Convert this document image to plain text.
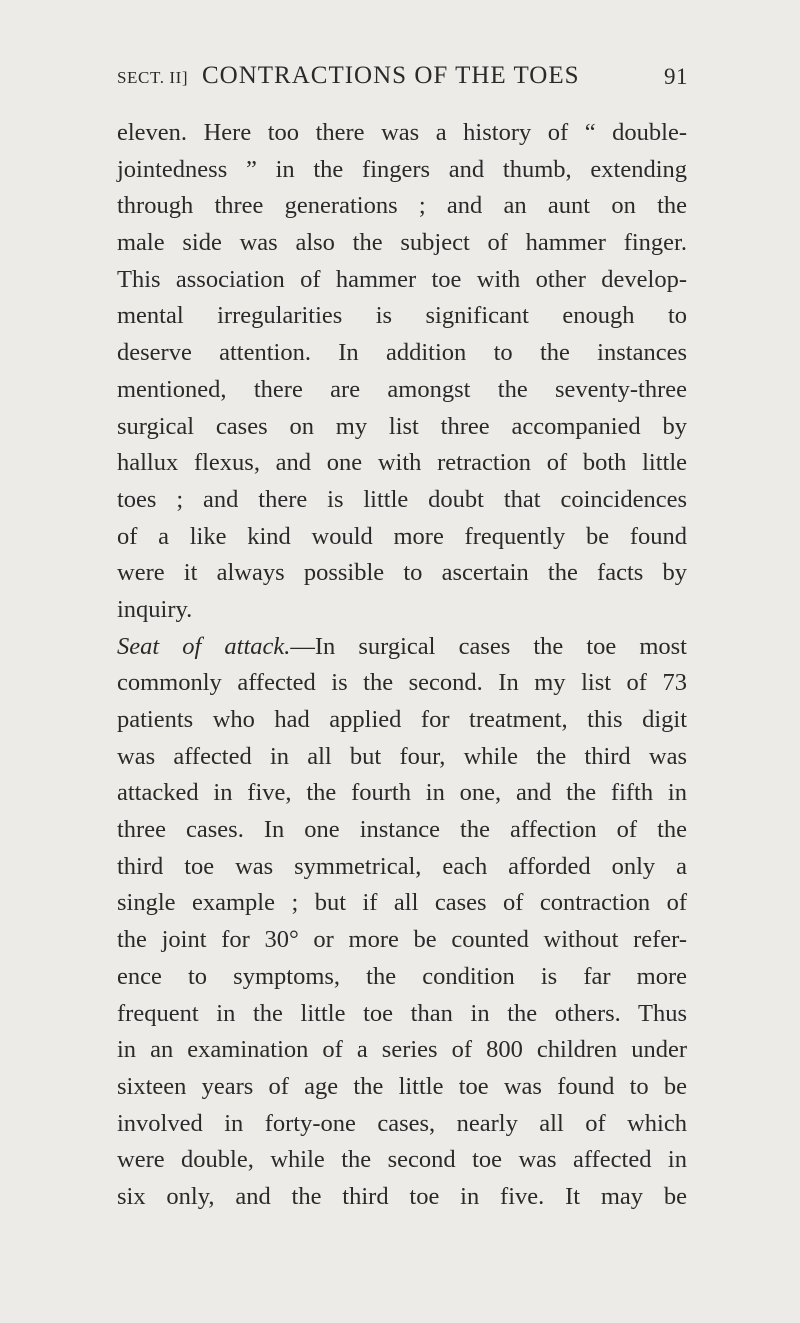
SECT. II] CONTRACTIONS OF THE TOES	91
eleven. Here too there was a history of “ double-
jointedness ” in the fingers and thumb, extending
through three generations ; and an aunt on the
male side was also the subject of hammer finger.
This association of hammer toe with other develop-
mental irregularities is significant enough to
deserve attention. In addition to the instances
mentioned, there are amongst the seventy-three
surgical cases on my list three accompanied by
hallux flexus, and one with retraction of both little
toes ; and there is little doubt that coincidences
of a like kind would more frequently be found
were it always possible to ascertain the facts by
inquiry.
Seat of attack.—In surgical cases the toe most
commonly affected is the second. In my list of 73
patients who had applied for treatment, this digit
was affected in all but four, while the third was
attacked in five, the fourth in one, and the fifth in
three cases. In one instance the affection of the
third toe was symmetrical, each afforded only a
single example ; but if all cases of contraction of
the joint for 30° or more be counted without refer-
ence to symptoms, the condition is far more
frequent in the little toe than in the others. Thus
in an examination of a series of 800 children under
sixteen years of age the little toe was found to be
involved in forty-one cases, nearly all of which
were double, while the second toe was affected in
six only, and the third toe in five. It may be
